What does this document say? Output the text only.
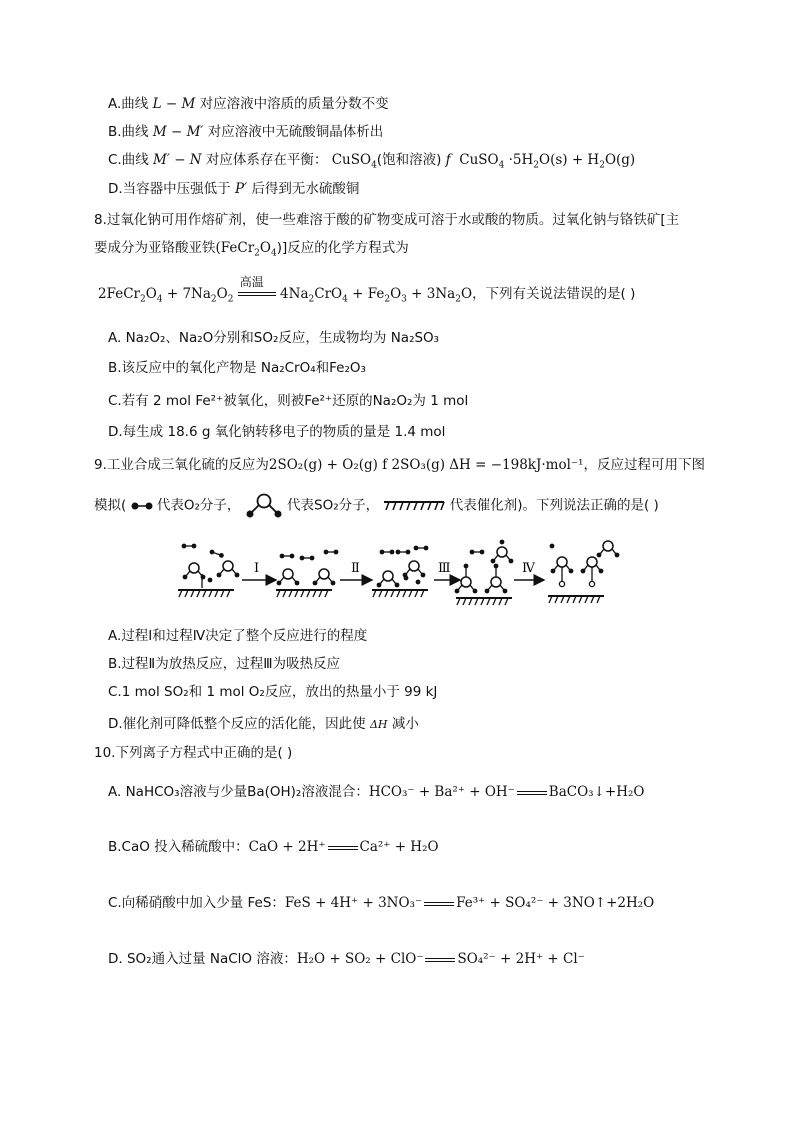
A.曲线 L − M 对应溶液中溶质的质量分数不变
B.曲线 M − M′ 对应溶液中无硫酸铜晶体析出
C.曲线 M′ − N 对应体系存在平衡： CuSO$_4$(饱和溶液) f  CuSO$_4$ $\cdot 5H_2O(s) + H_2O(g)$
D.当容器中压强低于 P′ 后得到无水硫酸铜
8.过氧化钠可用作熔矿剂，使一些难溶于酸的矿物变成可溶于水或酸的物质。过氧化钠与铬铁矿[主
要成分为亚铬酸亚铁$(FeCr_2O_4)$]反应的化学方程式为
$2FeCr_2O_4 + 7Na_2O_2$
高温
$4Na_2CrO_4 + Fe_2O_3 + 3Na_2O$，下列有关说法错误的是( )
A. Na₂O₂、Na₂O分别和SO₂反应，生成物均为 Na₂SO₃
B.该反应中的氧化产物是 Na₂CrO₄和Fe₂O₃
C.若有 2 mol Fe²⁺被氧化，则被Fe²⁺还原的Na₂O₂为 1 mol
D.每生成 18.6 g 氧化钠转移电子的物质的量是 1.4 mol
9.工业合成三氧化硫的反应为2SO₂(g) + O₂(g) f 2SO₃(g) ΔH = −198kJ·mol⁻¹，反应过程可用下图
模拟( 代表O₂分子，	代表SO₂分子，	代表催化剂)。下列说法正确的是( )
Ⅰ	Ⅱ	Ⅲ	Ⅳ
A.过程Ⅰ和过程Ⅳ决定了整个反应进行的程度
B.过程Ⅱ为放热反应，过程Ⅲ为吸热反应
C.1 mol SO₂和 1 mol O₂反应，放出的热量小于 99 kJ
D.催化剂可降低整个反应的活化能，因此使 ΔH 减小
10.下列离子方程式中正确的是( )
A. NaHCO₃溶液与少量Ba(OH)₂溶液混合：HCO₃⁻ + Ba²⁺ + OH⁻	BaCO₃↓+H₂O
B.CaO 投入稀硫酸中：CaO + 2H⁺	Ca²⁺ + H₂O
C.向稀硝酸中加入少量 FeS：FeS + 4H⁺ + 3NO₃⁻	Fe³⁺ + SO₄²⁻ + 3NO↑+2H₂O
D. SO₂通入过量 NaClO 溶液：H₂O + SO₂ + ClO⁻	SO₄²⁻ + 2H⁺ + Cl⁻
